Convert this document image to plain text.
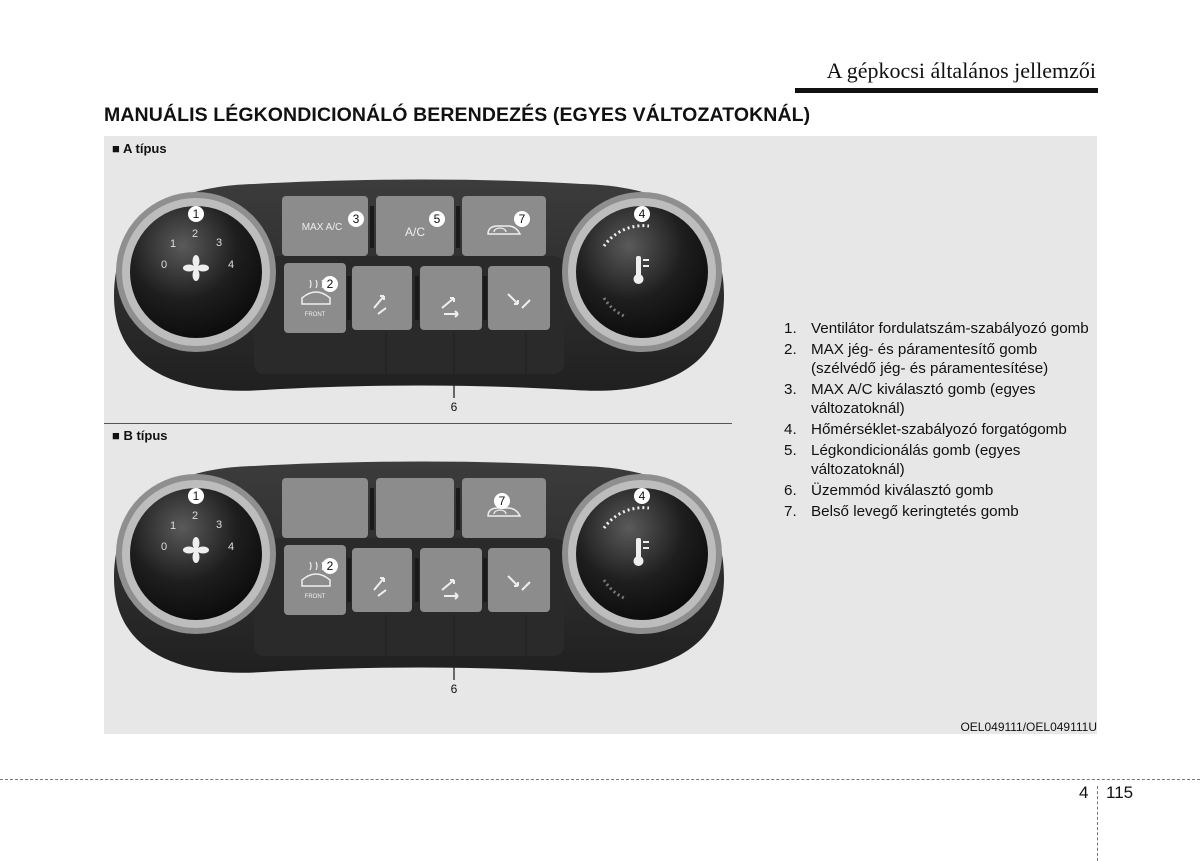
A gépkocsi általános jellemzői
MANUÁLIS LÉGKONDICIONÁLÓ BERENDEZÉS (EGYES VÁLTOZATOKNÁL)
■ A típus
■ B típus
0
1
2
3
4
MAX A/C	A/C
FRONT
1
2
3	4
5
6
7
0
1
2
3
4
FRONT
1
2
4
6
7
1. Ventilátor fordulatszám-szabályozó gomb
2. MAX jég- és páramentesítő gomb (szélvédő jég- és páramentesítése)
3. MAX A/C kiválasztó gomb (egyes változatoknál)
4. Hőmérséklet-szabályozó forgatógomb
5. Légkondicionálás gomb (egyes változatoknál)
6. Üzemmód kiválasztó gomb
7. Belső levegő keringtetés gomb
OEL049111/OEL049111U
4 115
